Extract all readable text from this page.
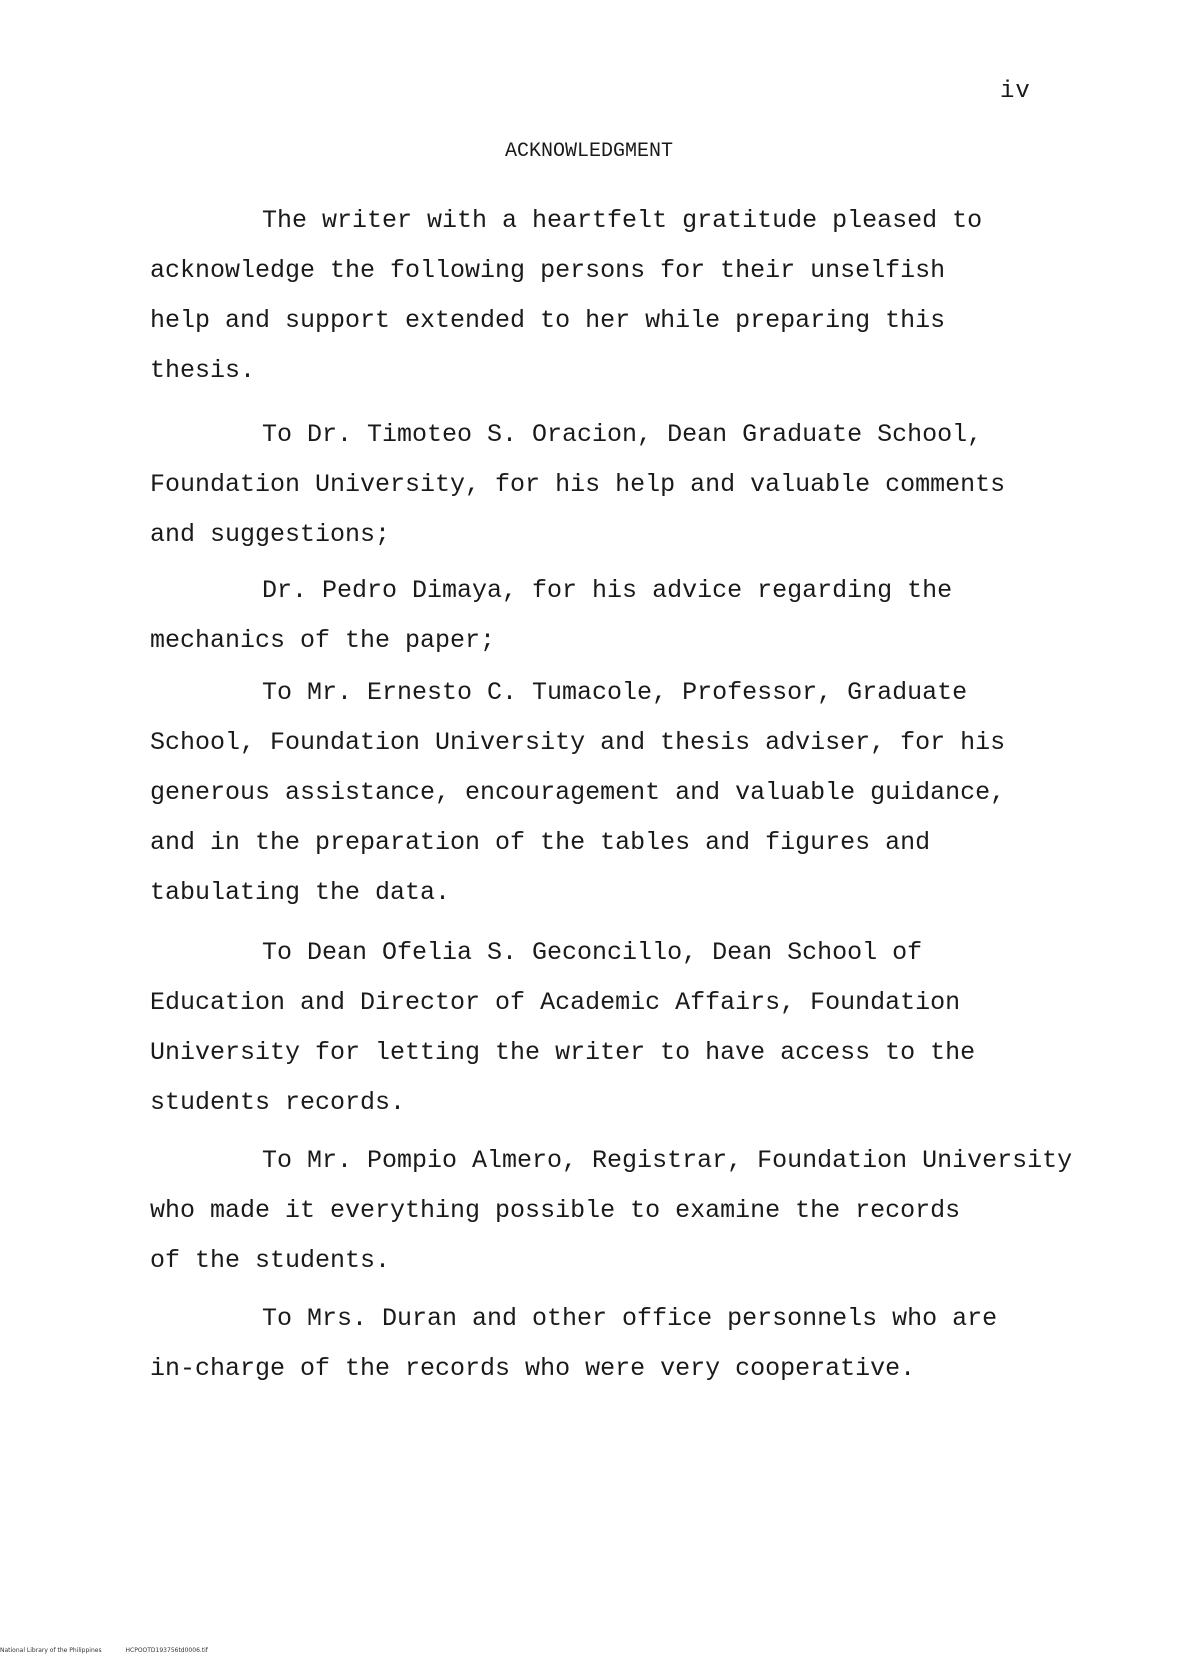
iv
ACKNOWLEDGMENT

The writer with a heartfelt gratitude pleased to
acknowledge the following persons for their unselfish
help and support extended to her while preparing this
thesis.

To Dr. Timoteo S. Oracion, Dean Graduate School,
Foundation University, for his help and valuable comments
and suggestions;

Dr. Pedro Dimaya, for his advice regarding the
mechanics of the paper;

To Mr. Ernesto C. Tumacole, Professor, Graduate
School, Foundation University and thesis adviser, for his
generous assistance, encouragement and valuable guidance,
and in the preparation of the tables and figures and
tabulating the data.

To Dean Ofelia S. Geconcillo, Dean School of
Education and Director of Academic Affairs, Foundation
University for letting the writer to have access to the
students records.

To Mr. Pompio Almero, Registrar, Foundation University
who made it everything possible to examine the records
of the students.

To Mrs. Duran and other office personnels who are
in-charge of the records who were very cooperative.

National Library of the Philippines	HCPOOTD193756td0006.tif
